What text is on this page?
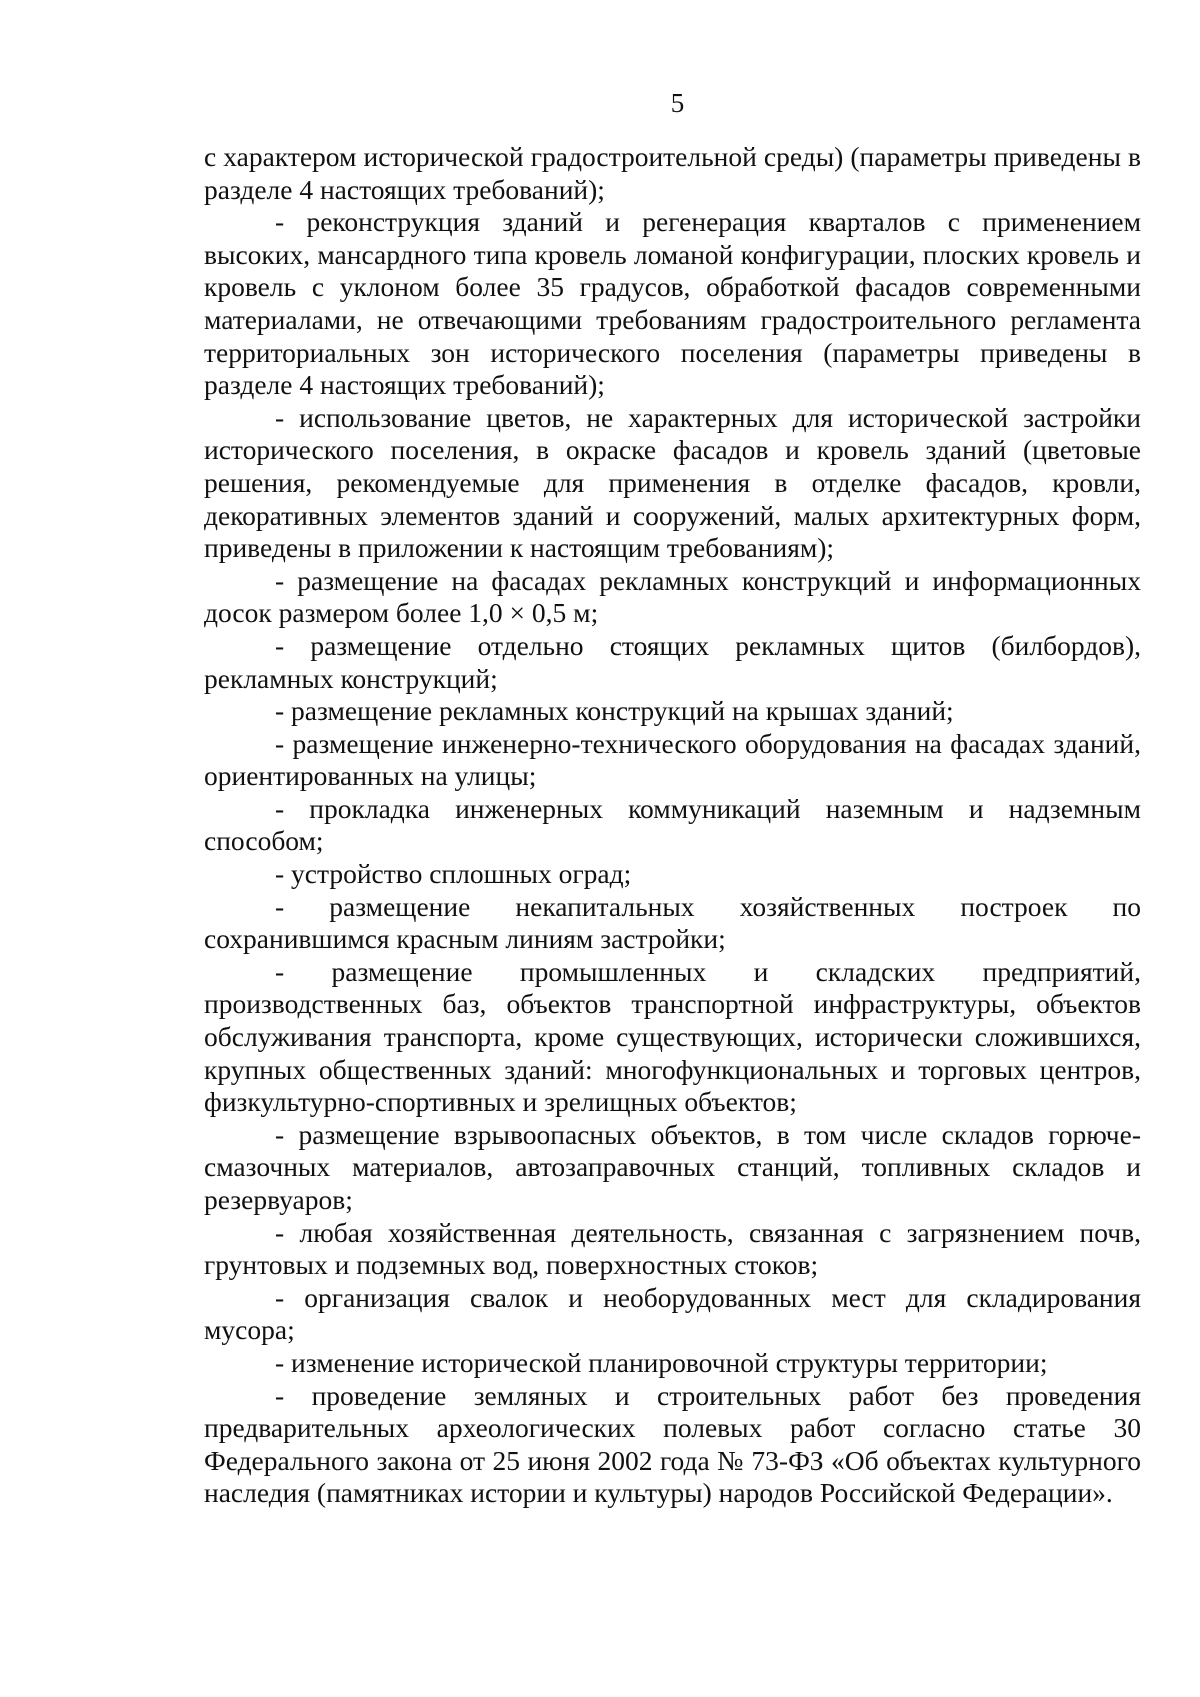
5

с характером исторической градостроительной среды) (параметры приведены в разделе 4 настоящих требований);

- реконструкция зданий и регенерация кварталов с применением высоких, мансардного типа кровель ломаной конфигурации, плоских кровель и кровель с уклоном более 35 градусов, обработкой фасадов современными материалами, не отвечающими требованиям градостроительного регламента территориальных зон исторического поселения (параметры приведены в разделе 4 настоящих требований);

- использование цветов, не характерных для исторической застройки исторического поселения, в окраске фасадов и кровель зданий (цветовые решения, рекомендуемые для применения в отделке фасадов, кровли, декоративных элементов зданий и сооружений, малых архитектурных форм, приведены в приложении к настоящим требованиям);

- размещение на фасадах рекламных конструкций и информационных досок размером более 1,0 × 0,5 м;

- размещение отдельно стоящих рекламных щитов (билбордов), рекламных конструкций;

- размещение рекламных конструкций на крышах зданий;

- размещение инженерно-технического оборудования на фасадах зданий, ориентированных на улицы;

- прокладка инженерных коммуникаций наземным и надземным способом;

- устройство сплошных оград;

- размещение некапитальных хозяйственных построек по сохранившимся красным линиям застройки;

- размещение промышленных и складских предприятий, производственных баз, объектов транспортной инфраструктуры, объектов обслуживания транспорта, кроме существующих, исторически сложившихся, крупных общественных зданий: многофункциональных и торговых центров, физкультурно-спортивных и зрелищных объектов;

- размещение взрывоопасных объектов, в том числе складов горюче-смазочных материалов, автозаправочных станций, топливных складов и резервуаров;

- любая хозяйственная деятельность, связанная с загрязнением почв, грунтовых и подземных вод, поверхностных стоков;

- организация свалок и необорудованных мест для складирования мусора;

- изменение исторической планировочной структуры территории;

- проведение земляных и строительных работ без проведения предварительных археологических полевых работ согласно статье 30 Федерального закона от 25 июня 2002 года № 73-ФЗ «Об объектах культурного наследия (памятниках истории и культуры) народов Российской Федерации».
